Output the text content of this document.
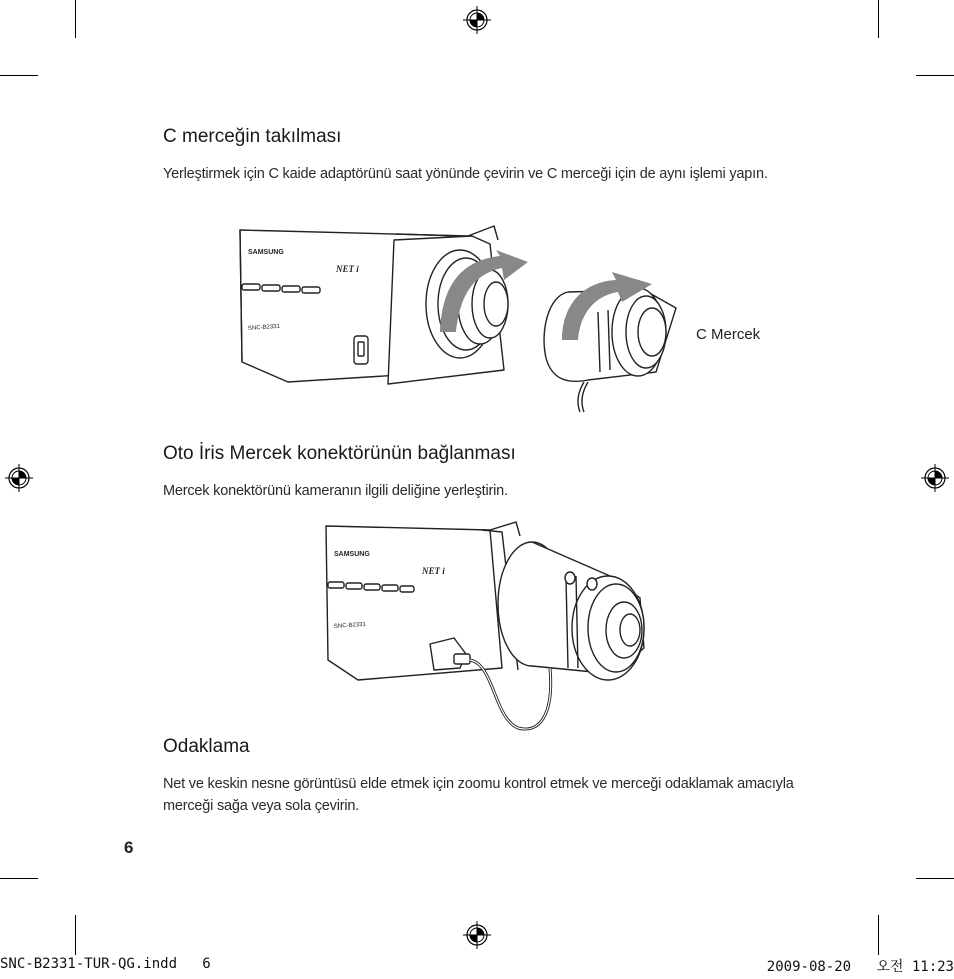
C merceğin takılması
Yerleştirmek için C kaide adaptörünü saat yönünde çevirin ve C merceği için de aynı işlemi yapın.
SAMSUNG
NET i
SNC-B2331	C Mercek
Oto İris Mercek konektörünün bağlanması
Mercek konektörünü kameranın ilgili deliğine yerleştirin.
SAMSUNG
NET i
SNC-B2331
Odaklama
Net ve keskin nesne görüntüsü elde etmek için zoomu kontrol etmek ve merceği odaklamak amacıyla merceği sağa veya sola çevirin.
6
SNC-B2331-TUR-QG.indd   6	2009-08-20   오전 11:23
